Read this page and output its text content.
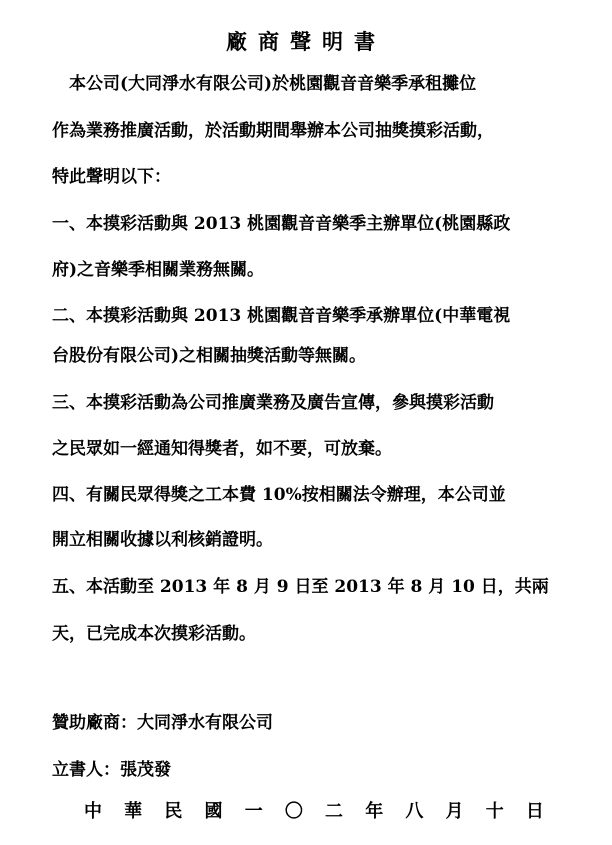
廠商聲明書
　本公司(大同淨水有限公司)於桃園觀音音樂季承租攤位
作為業務推廣活動，於活動期間舉辦本公司抽獎摸彩活動，
特此聲明以下：
一、本摸彩活動與 2013 桃園觀音音樂季主辦單位(桃園縣政
府)之音樂季相關業務無關。
二、本摸彩活動與 2013 桃園觀音音樂季承辦單位(中華電視
台股份有限公司)之相關抽獎活動等無關。
三、本摸彩活動為公司推廣業務及廣告宣傳，參與摸彩活動
之民眾如一經通知得獎者，如不要，可放棄。
四、有關民眾得獎之工本費 10%按相關法令辦理，本公司並
開立相關收據以利核銷證明。
五、本活動至 2013 年 8 月 9 日至 2013 年 8 月 10 日，共兩
天，已完成本次摸彩活動。
贊助廠商：大同淨水有限公司
立書人：張茂發
中 華 民 國 一 〇 二 年 八 月 十 日
